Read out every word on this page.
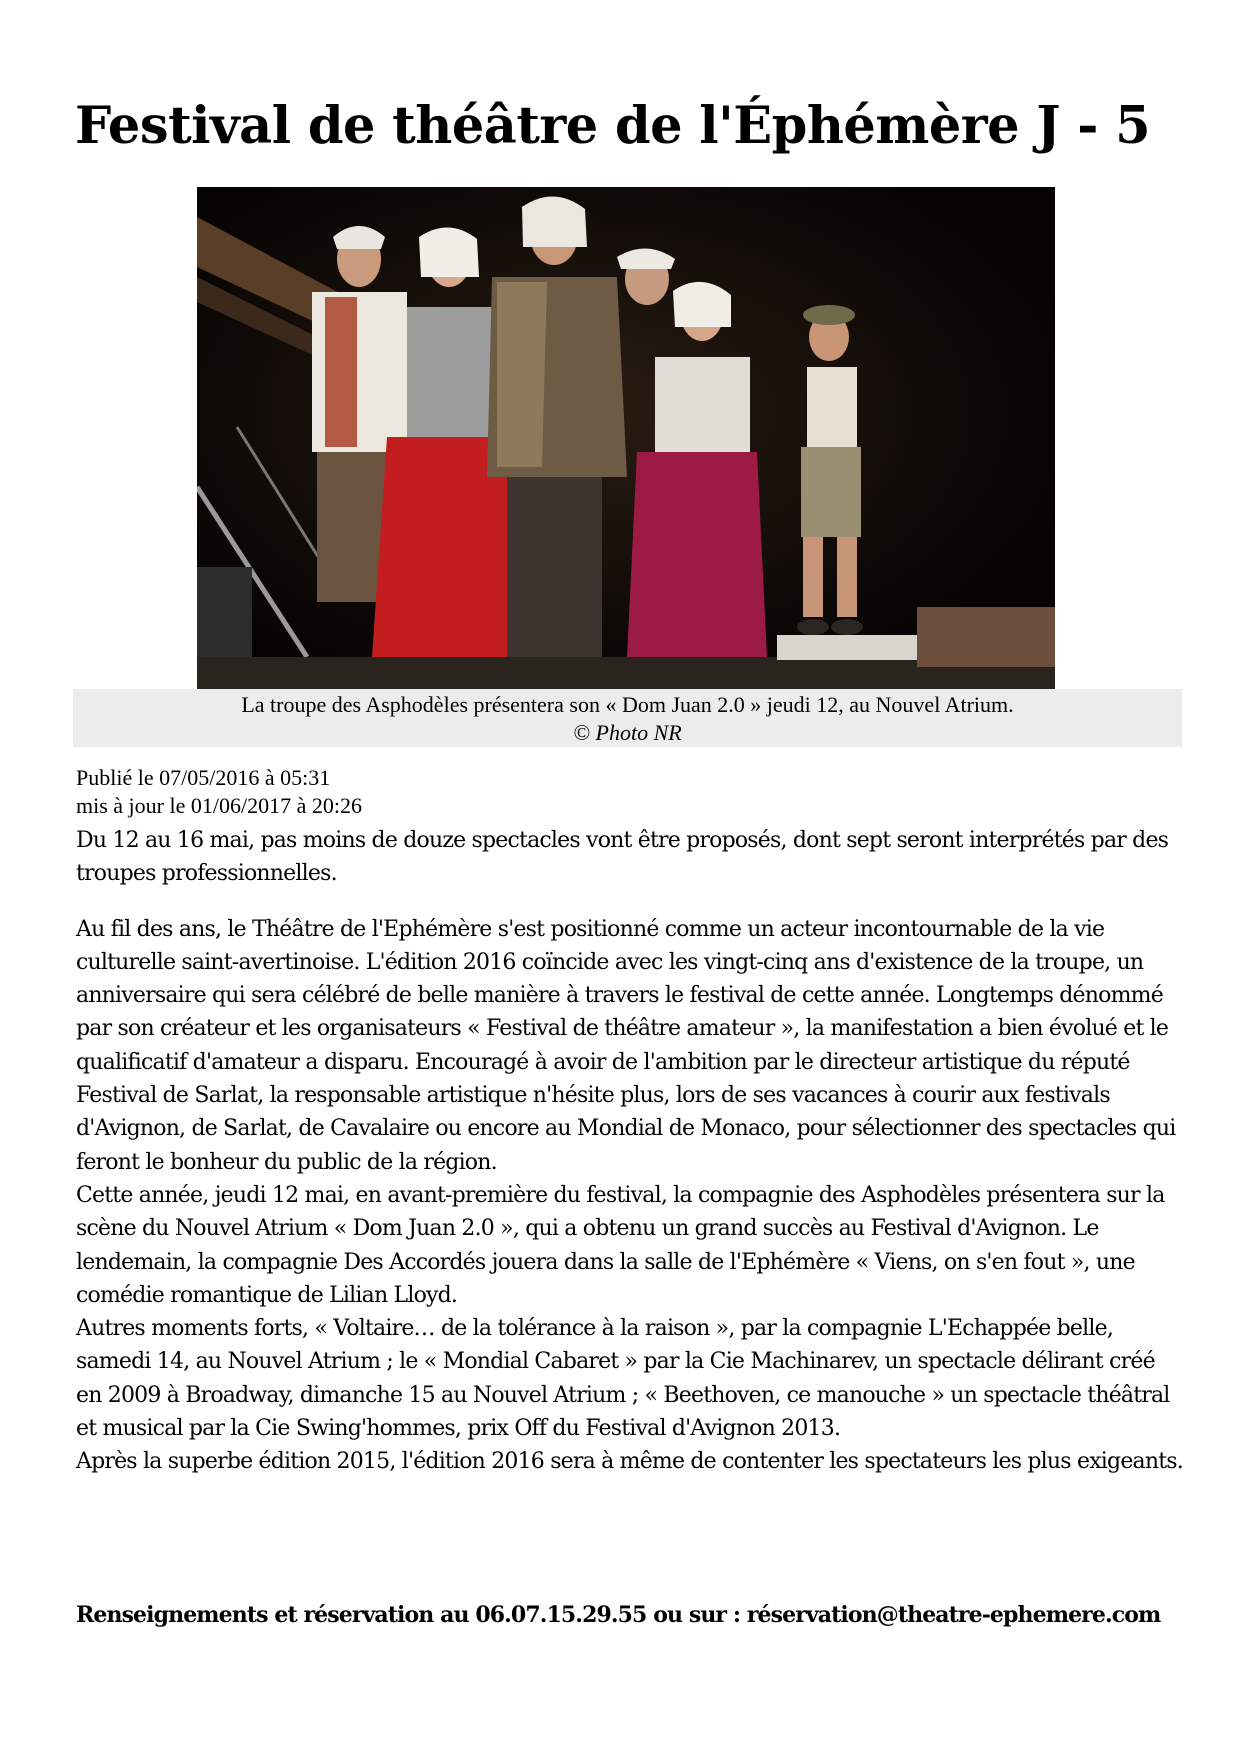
Festival de théâtre de l'Éphémère J - 5
La troupe des Asphodèles présentera son « Dom Juan 2.0 » jeudi 12, au Nouvel Atrium.
© Photo NR
Publié le 07/05/2016 à 05:31
mis à jour le 01/06/2017 à 20:26

Du 12 au 16 mai, pas moins de douze spectacles vont être proposés, dont sept seront interprétés par des troupes professionnelles.

Au fil des ans, le Théâtre de l'Ephémère s'est positionné comme un acteur incontournable de la vie culturelle saint-avertinoise. L'édition 2016 coïncide avec les vingt-cinq ans d'existence de la troupe, un anniversaire qui sera célébré de belle manière à travers le festival de cette année. Longtemps dénommé par son créateur et les organisateurs « Festival de théâtre amateur », la manifestation a bien évolué et le qualificatif d'amateur a disparu. Encouragé à avoir de l'ambition par le directeur artistique du réputé Festival de Sarlat, la responsable artistique n'hésite plus, lors de ses vacances à courir aux festivals d'Avignon, de Sarlat, de Cavalaire ou encore au Mondial de Monaco, pour sélectionner des spectacles qui feront le bonheur du public de la région.

Cette année, jeudi 12 mai, en avant-première du festival, la compagnie des Asphodèles présentera sur la scène du Nouvel Atrium « Dom Juan 2.0 », qui a obtenu un grand succès au Festival d'Avignon. Le lendemain, la compagnie Des Accordés jouera dans la salle de l'Ephémère « Viens, on s'en fout », une comédie romantique de Lilian Lloyd.

Autres moments forts, « Voltaire… de la tolérance à la raison », par la compagnie L'Echappée belle, samedi 14, au Nouvel Atrium ; le « Mondial Cabaret » par la Cie Machinarev, un spectacle délirant créé en 2009 à Broadway, dimanche 15 au Nouvel Atrium ; « Beethoven, ce manouche » un spectacle théâtral et musical par la Cie Swing'hommes, prix Off du Festival d'Avignon 2013.

Après la superbe édition 2015, l'édition 2016 sera à même de contenter les spectateurs les plus exigeants.

Renseignements et réservation au 06.07.15.29.55 ou sur : réservation@theatre-ephemere.com
